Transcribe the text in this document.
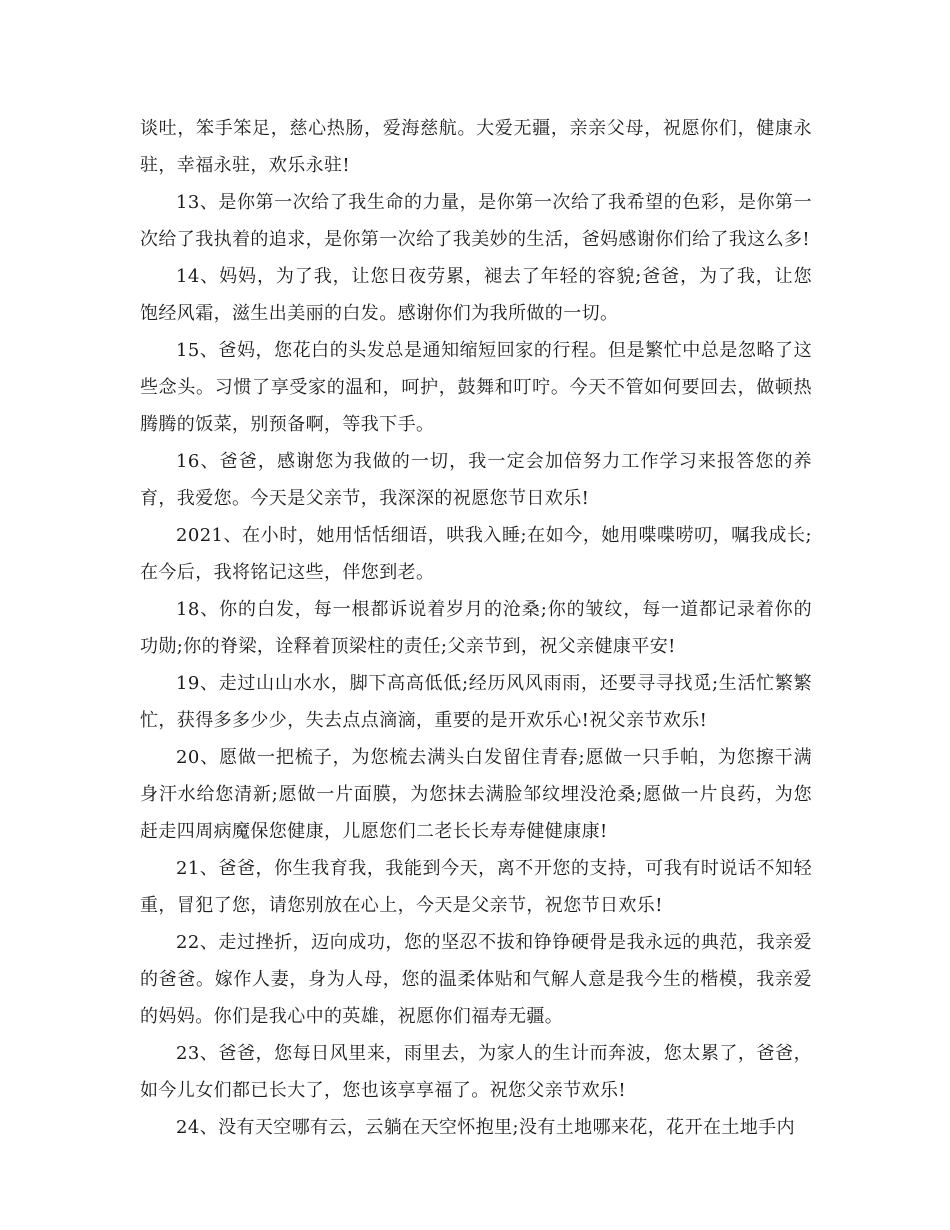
谈吐，笨手笨足，慈心热肠，爱海慈航。大爱无疆，亲亲父母，祝愿你们，健康永驻，幸福永驻，欢乐永驻!

13、是你第一次给了我生命的力量，是你第一次给了我希望的色彩，是你第一次给了我执着的追求，是你第一次给了我美妙的生活，爸妈感谢你们给了我这么多!

14、妈妈，为了我，让您日夜劳累，褪去了年轻的容貌;爸爸，为了我，让您饱经风霜，滋生出美丽的白发。感谢你们为我所做的一切。

15、爸妈，您花白的头发总是通知缩短回家的行程。但是繁忙中总是忽略了这些念头。习惯了享受家的温和，呵护，鼓舞和叮咛。今天不管如何要回去，做顿热腾腾的饭菜，别预备啊，等我下手。

16、爸爸，感谢您为我做的一切，我一定会加倍努力工作学习来报答您的养育，我爱您。今天是父亲节，我深深的祝愿您节日欢乐!

2021、在小时，她用恬恬细语，哄我入睡;在如今，她用喋喋唠叨，嘱我成长;在今后，我将铭记这些，伴您到老。

18、你的白发，每一根都诉说着岁月的沧桑;你的皱纹，每一道都记录着你的功勋;你的脊梁，诠释着顶梁柱的责任;父亲节到，祝父亲健康平安!

19、走过山山水水，脚下高高低低;经历风风雨雨，还要寻寻找觅;生活忙繁繁忙，获得多多少少，失去点点滴滴，重要的是开欢乐心!祝父亲节欢乐!

20、愿做一把梳子，为您梳去满头白发留住青春;愿做一只手帕，为您擦干满身汗水给您清新;愿做一片面膜，为您抹去满脸邹纹埋没沧桑;愿做一片良药，为您赶走四周病魔保您健康，儿愿您们二老长长寿寿健健康康!

21、爸爸，你生我育我，我能到今天，离不开您的支持，可我有时说话不知轻重，冒犯了您，请您别放在心上，今天是父亲节，祝您节日欢乐!

22、走过挫折，迈向成功，您的坚忍不拔和铮铮硬骨是我永远的典范，我亲爱的爸爸。嫁作人妻，身为人母，您的温柔体贴和气解人意是我今生的楷模，我亲爱的妈妈。你们是我心中的英雄，祝愿你们福寿无疆。

23、爸爸，您每日风里来，雨里去，为家人的生计而奔波，您太累了，爸爸，如今儿女们都已长大了，您也该享享福了。祝您父亲节欢乐!

24、没有天空哪有云，云躺在天空怀抱里;没有土地哪来花，花开在土地手内
